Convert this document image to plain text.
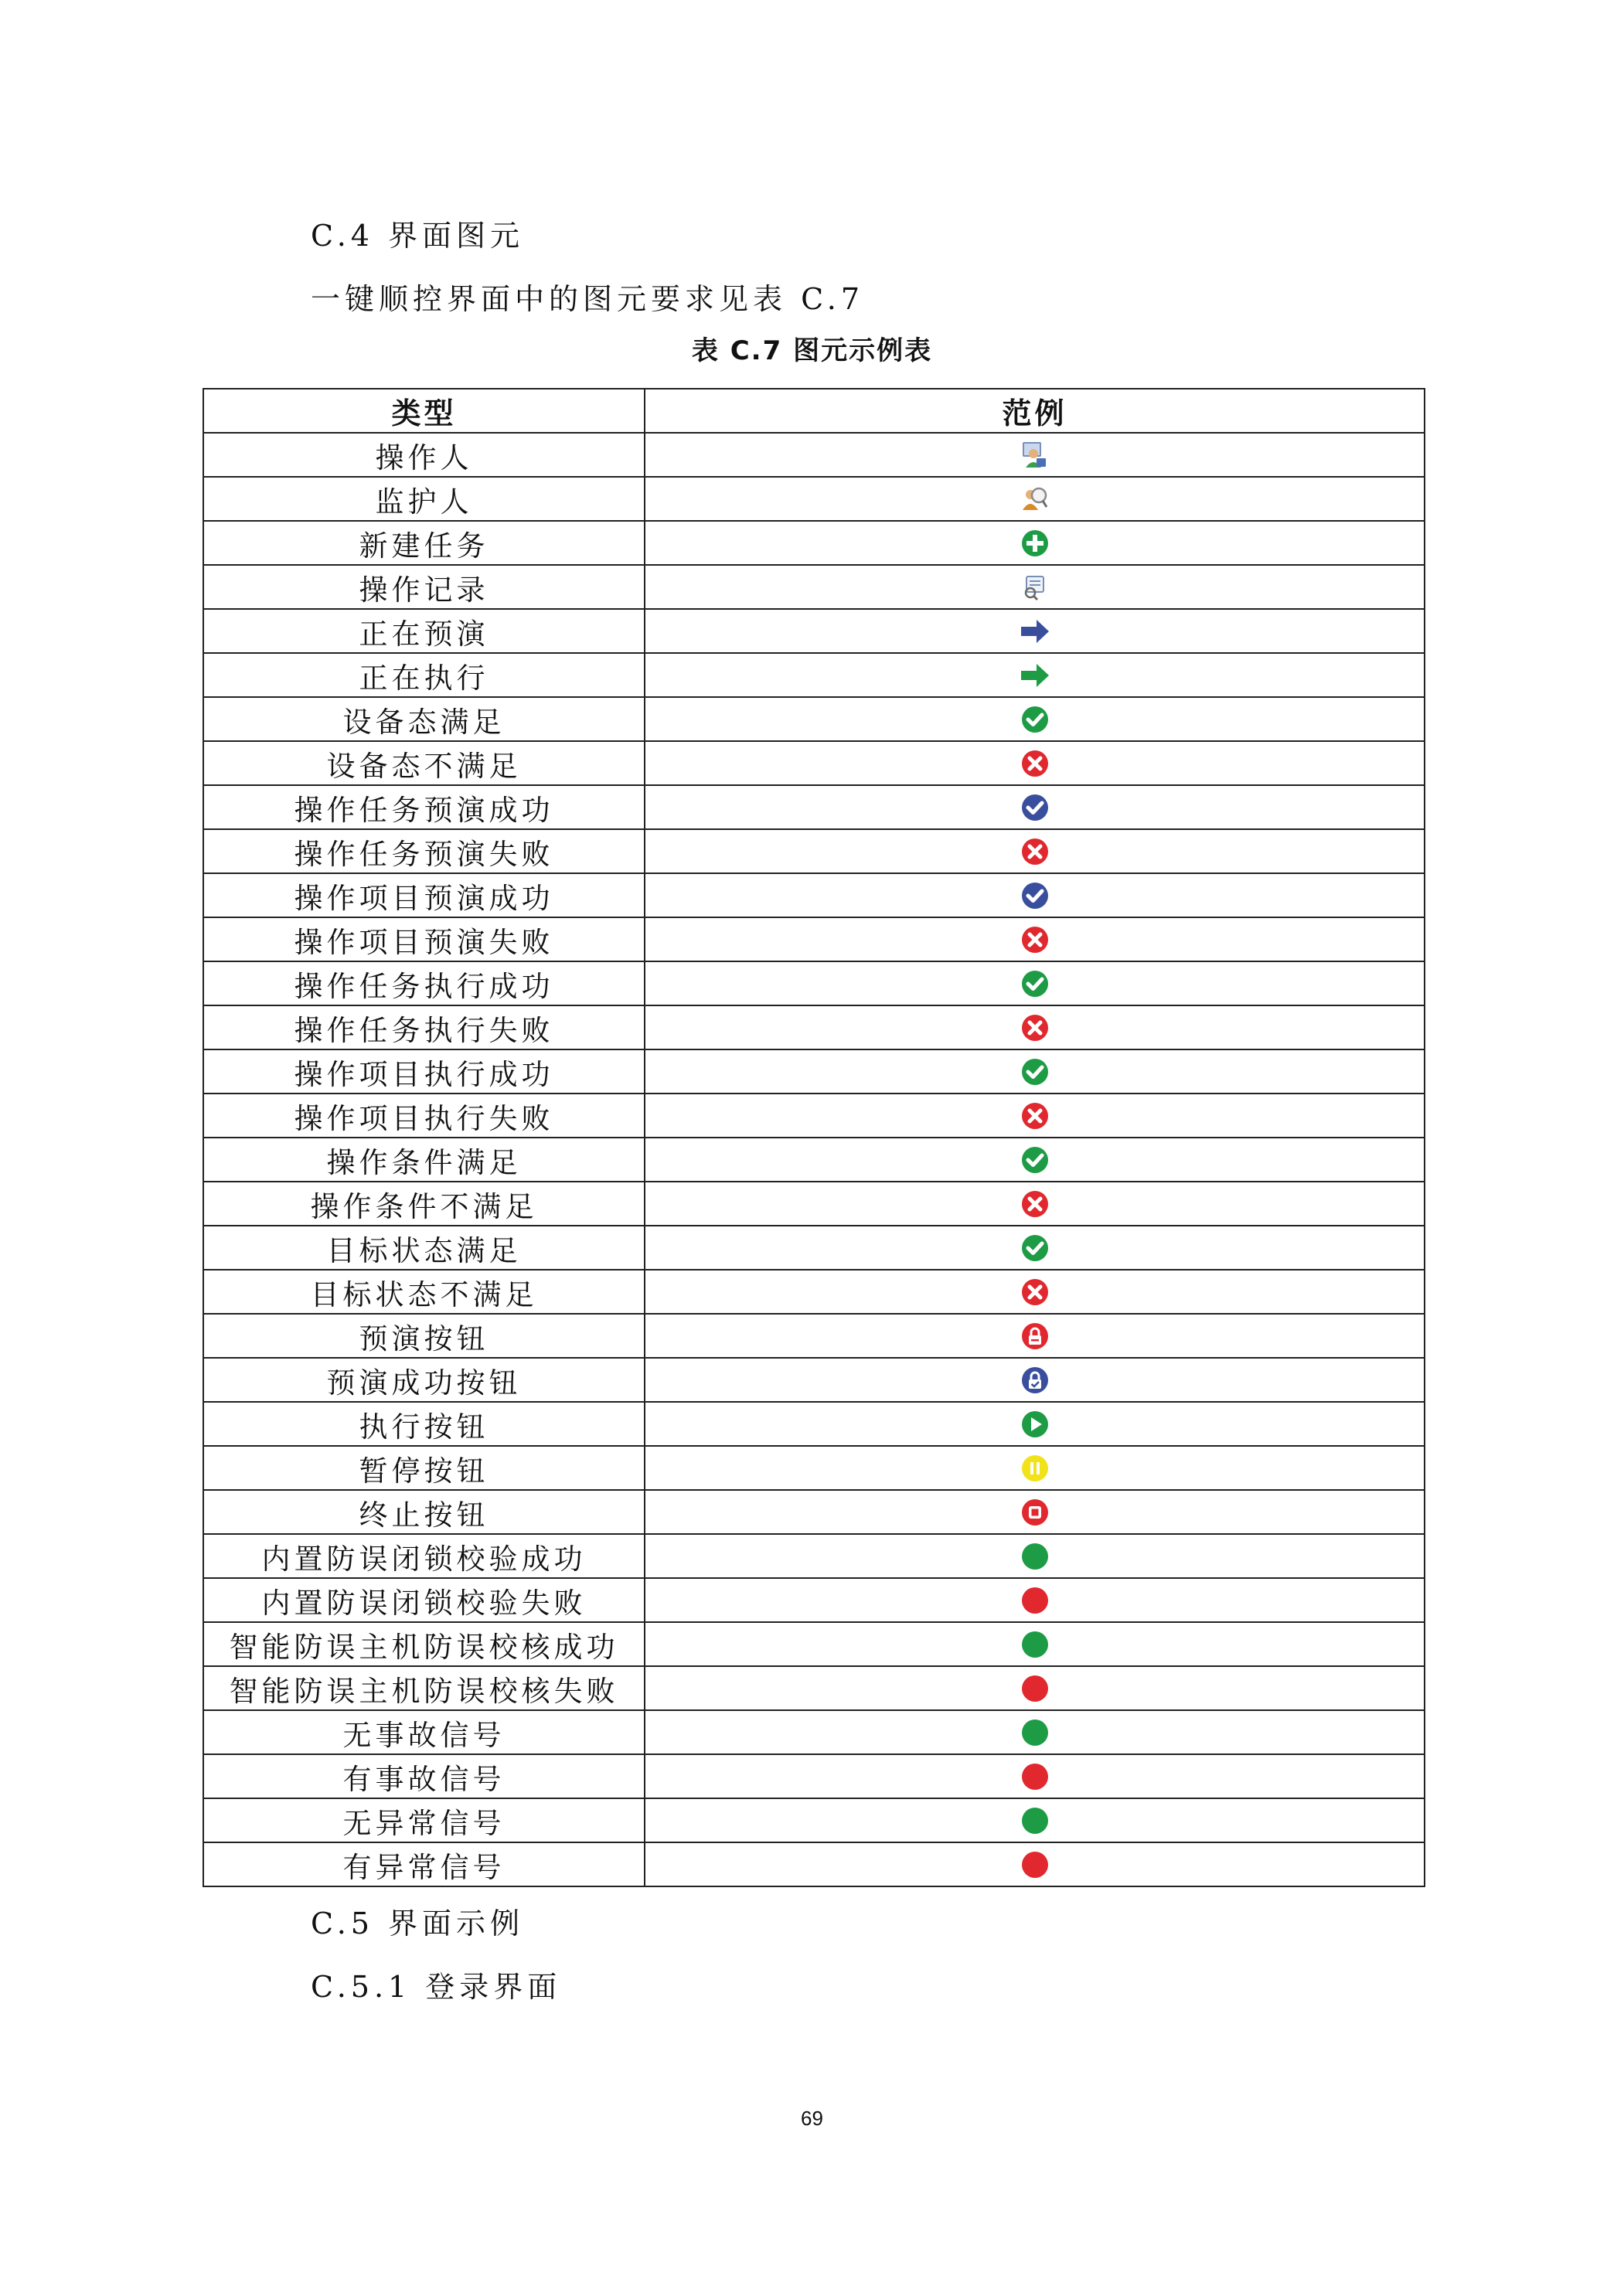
C.4 界面图元

一键顺控界面中的图元要求见表 C.7

表 C.7 图元示例表

类型	范例
操作人	
监护人	
新建任务	
操作记录	
正在预演	
正在执行	
设备态满足	
设备态不满足	
操作任务预演成功	
操作任务预演失败	
操作项目预演成功	
操作项目预演失败	
操作任务执行成功	
操作任务执行失败	
操作项目执行成功	
操作项目执行失败	
操作条件满足	
操作条件不满足	
目标状态满足	
目标状态不满足	
预演按钮	
预演成功按钮	
执行按钮	
暂停按钮	
终止按钮	
内置防误闭锁校验成功	
内置防误闭锁校验失败	
智能防误主机防误校核成功	
智能防误主机防误校核失败	
无事故信号	
有事故信号	
无异常信号	
有异常信号	

C.5 界面示例

C.5.1 登录界面

69
